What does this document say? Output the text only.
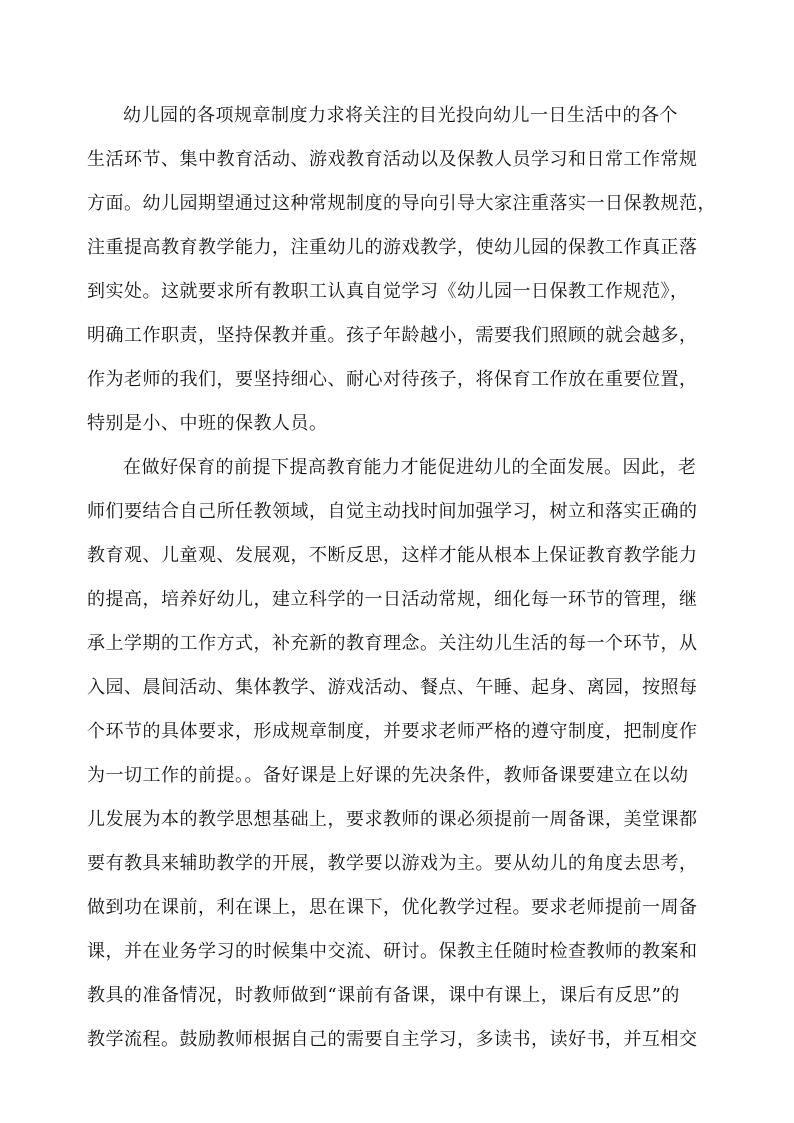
幼儿园的各项规章制度力求将关注的目光投向幼儿一日生活中的各个

生活环节、集中教育活动、游戏教育活动以及保教人员学习和日常工作常规

方面。幼儿园期望通过这种常规制度的导向引导大家注重落实一日保教规范，

注重提高教育教学能力，注重幼儿的游戏教学，使幼儿园的保教工作真正落

到实处。这就要求所有教职工认真自觉学习《幼儿园一日保教工作规范》，

明确工作职责，坚持保教并重。孩子年龄越小，需要我们照顾的就会越多，

作为老师的我们，要坚持细心、耐心对待孩子，将保育工作放在重要位置，

特别是小、中班的保教人员。

在做好保育的前提下提高教育能力才能促进幼儿的全面发展。因此，老

师们要结合自己所任教领域，自觉主动找时间加强学习，树立和落实正确的

教育观、儿童观、发展观，不断反思，这样才能从根本上保证教育教学能力

的提高，培养好幼儿，建立科学的一日活动常规，细化每一环节的管理，继

承上学期的工作方式，补充新的教育理念。关注幼儿生活的每一个环节，从

入园、晨间活动、集体教学、游戏活动、餐点、午睡、起身、离园，按照每

个环节的具体要求，形成规章制度，并要求老师严格的遵守制度，把制度作

为一切工作的前提。。备好课是上好课的先决条件，教师备课要建立在以幼

儿发展为本的教学思想基础上，要求教师的课必须提前一周备课，美堂课都

要有教具来辅助教学的开展，教学要以游戏为主。要从幼儿的角度去思考，

做到功在课前，利在课上，思在课下，优化教学过程。要求老师提前一周备

课，并在业务学习的时候集中交流、研讨。保教主任随时检查教师的教案和

教具的准备情况，时教师做到“课前有备课，课中有课上，课后有反思”的

教学流程。鼓励教师根据自己的需要自主学习，多读书，读好书，并互相交
